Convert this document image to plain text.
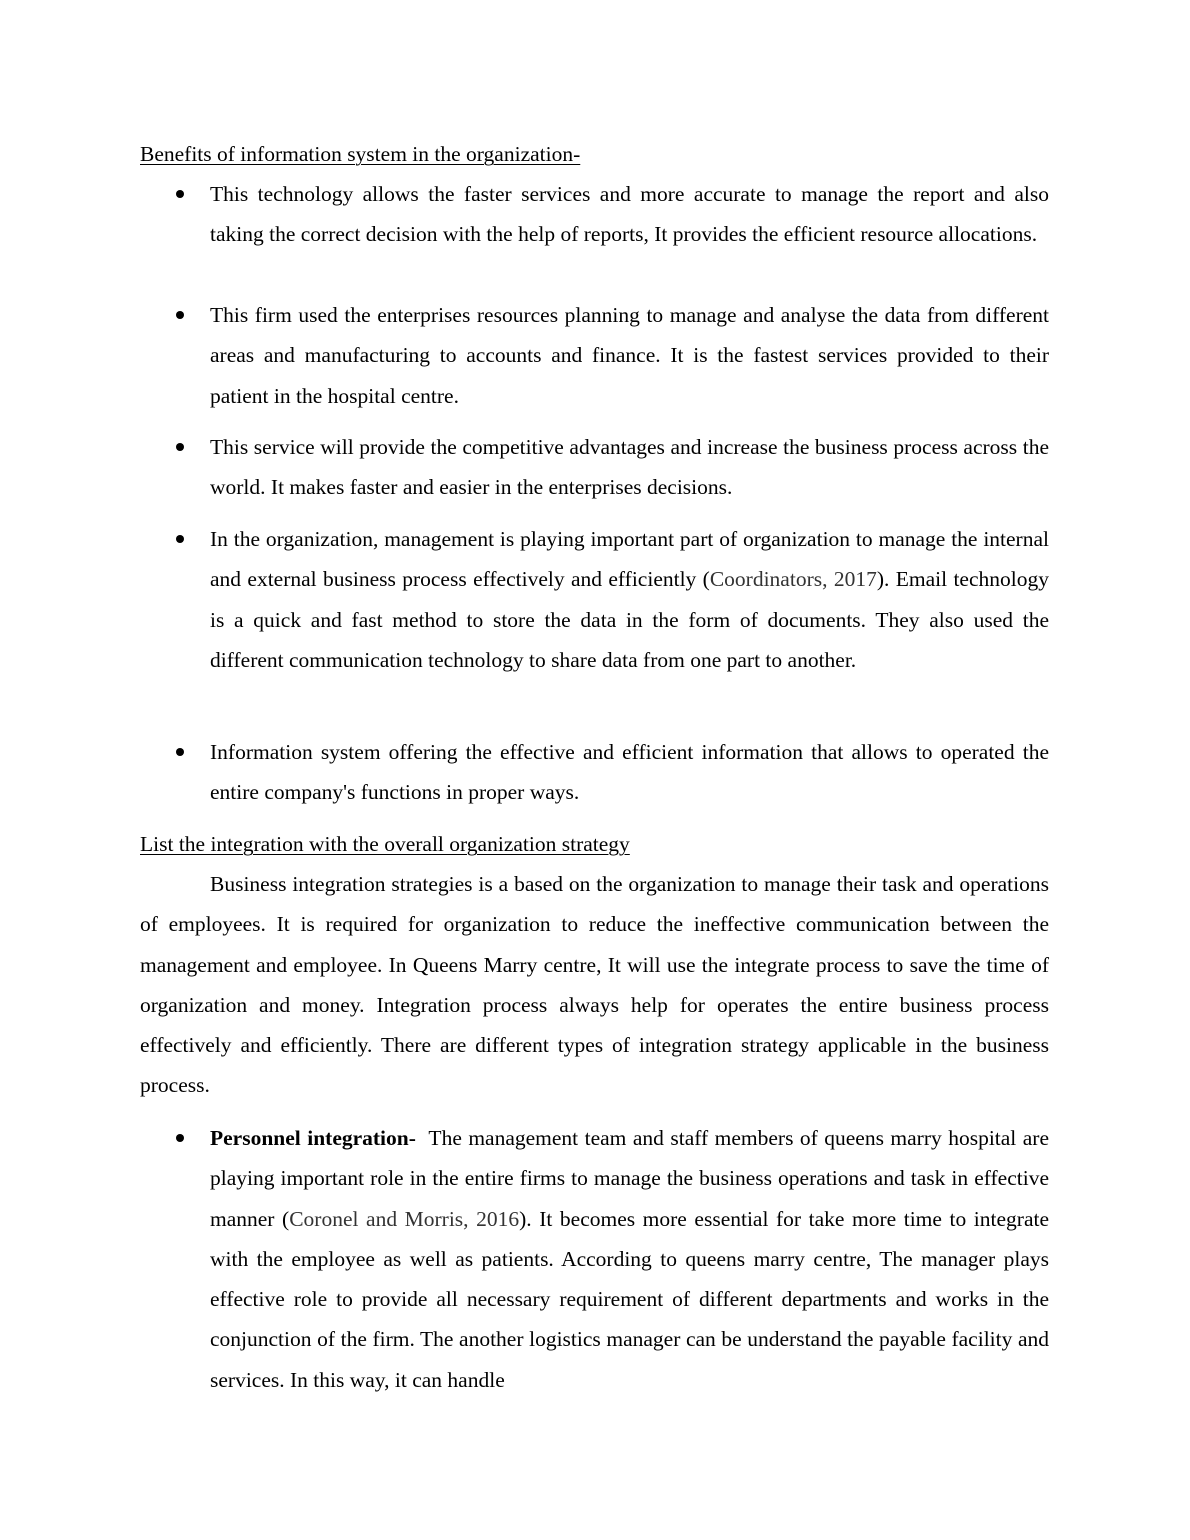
Benefits of information system in the organization-

This technology allows the faster services and more accurate to manage the report and also taking the correct decision with the help of reports, It provides the efficient resource allocations.

This firm used the enterprises resources planning to manage and analyse the data from different areas and manufacturing to accounts and finance. It is the fastest services provided to their patient in the hospital centre.

This service will provide the competitive advantages and increase the business process across the world. It makes faster and easier in the enterprises decisions.

In the organization, management is playing important part of organization to manage the internal and external business process effectively and efficiently (Coordinators, 2017). Email technology is a quick and fast method to store the data in the form of documents. They also used the different communication technology to share data from one part to another.

Information system offering the effective and efficient information that allows to operated the entire company's functions in proper ways.

List the integration with the overall organization strategy

Business integration strategies is a based on the organization to manage their task and operations of employees. It is required for organization to reduce the ineffective communication between the management and employee. In Queens Marry centre, It will use the integrate process to save the time of organization and money. Integration process always help for operates the entire business process effectively and efficiently. There are different types of integration strategy applicable in the business process.

Personnel integration-  The management team and staff members of queens marry hospital are playing important role in the entire firms to manage the business operations and task in effective manner (Coronel and Morris, 2016). It becomes more essential for take more time to integrate with the employee as well as patients. According to queens marry centre, The manager plays effective role to provide all necessary requirement of different departments and works in the conjunction of the firm. The another logistics manager can be understand the payable facility and services. In this way, it can handle
